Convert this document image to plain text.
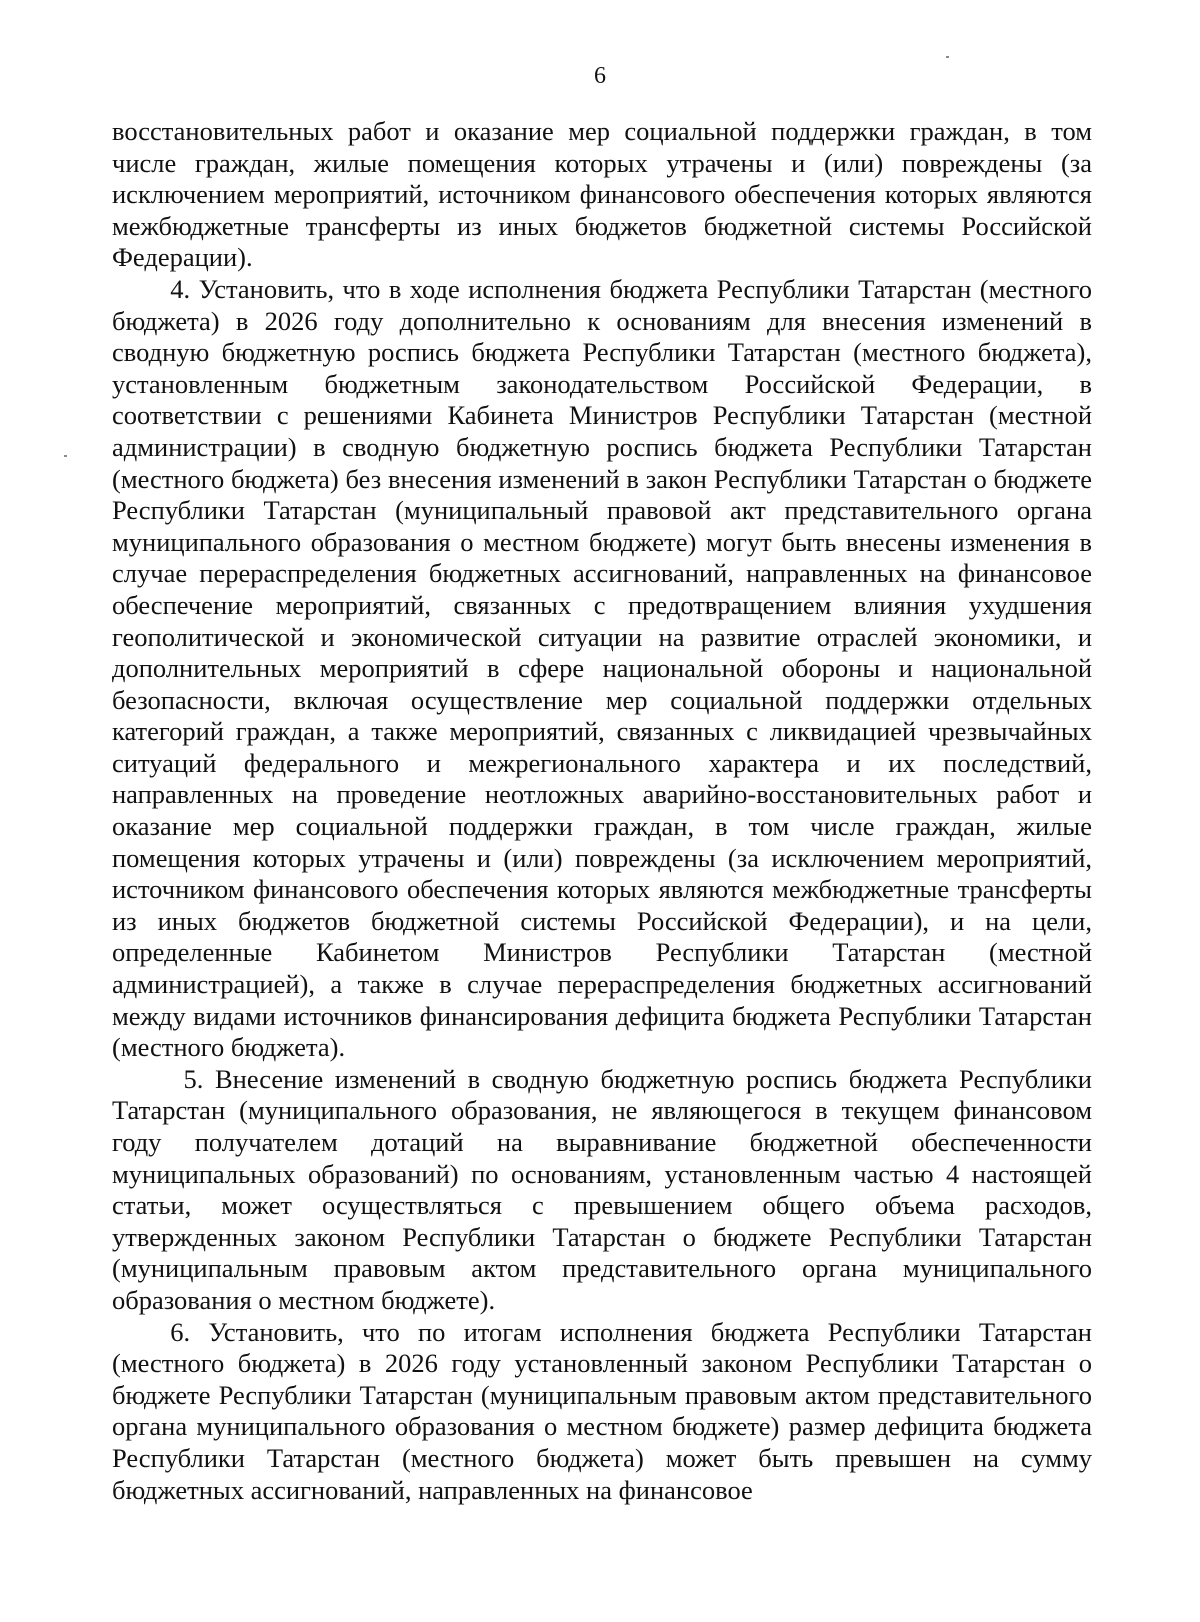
6

восстановительных работ и оказание мер социальной поддержки граждан, в том числе граждан, жилые помещения которых утрачены и (или) повреждены (за исключением мероприятий, источником финансового обеспечения которых являются межбюджетные трансферты из иных бюджетов бюджетной системы Российской Федерации).

4. Установить, что в ходе исполнения бюджета Республики Татарстан (местного бюджета) в 2026 году дополнительно к основаниям для внесения изменений в сводную бюджетную роспись бюджета Республики Татарстан (местного бюджета), установленным бюджетным законодательством Российской Федерации, в соответствии с решениями Кабинета Министров Республики Татарстан (местной администрации) в сводную бюджетную роспись бюджета Республики Татарстан (местного бюджета) без внесения изменений в закон Республики Татарстан о бюджете Республики Татарстан (муниципальный правовой акт представительного органа муниципального образования о местном бюджете) могут быть внесены изменения в случае перераспределения бюджетных ассигнований, направленных на финансовое обеспечение мероприятий, связанных с предотвращением влияния ухудшения геополитической и экономической ситуации на развитие отраслей экономики, и дополнительных мероприятий в сфере национальной обороны и национальной безопасности, включая осуществление мер социальной поддержки отдельных категорий граждан, а также мероприятий, связанных с ликвидацией чрезвычайных ситуаций федерального и межрегионального характера и их последствий, направленных на проведение неотложных аварийно-восстановительных работ и оказание мер социальной поддержки граждан, в том числе граждан, жилые помещения которых утрачены и (или) повреждены (за исключением мероприятий, источником финансового обеспечения которых являются межбюджетные трансферты из иных бюджетов бюджетной системы Российской Федерации), и на цели, определенные Кабинетом Министров Республики Татарстан (местной администрацией), а также в случае перераспределения бюджетных ассигнований между видами источников финансирования дефицита бюджета Республики Татарстан (местного бюджета).

5. Внесение изменений в сводную бюджетную роспись бюджета Республики Татарстан (муниципального образования, не являющегося в текущем финансовом году получателем дотаций на выравнивание бюджетной обеспеченности муниципальных образований) по основаниям, установленным частью 4 настоящей статьи, может осуществляться с превышением общего объема расходов, утвержденных законом Республики Татарстан о бюджете Республики Татарстан (муниципальным правовым актом представительного органа муниципального образования о местном бюджете).

6. Установить, что по итогам исполнения бюджета Республики Татарстан (местного бюджета) в 2026 году установленный законом Республики Татарстан о бюджете Республики Татарстан (муниципальным правовым актом представительного органа муниципального образования о местном бюджете) размер дефицита бюджета Республики Татарстан (местного бюджета) может быть превышен на сумму бюджетных ассигнований, направленных на финансовое
